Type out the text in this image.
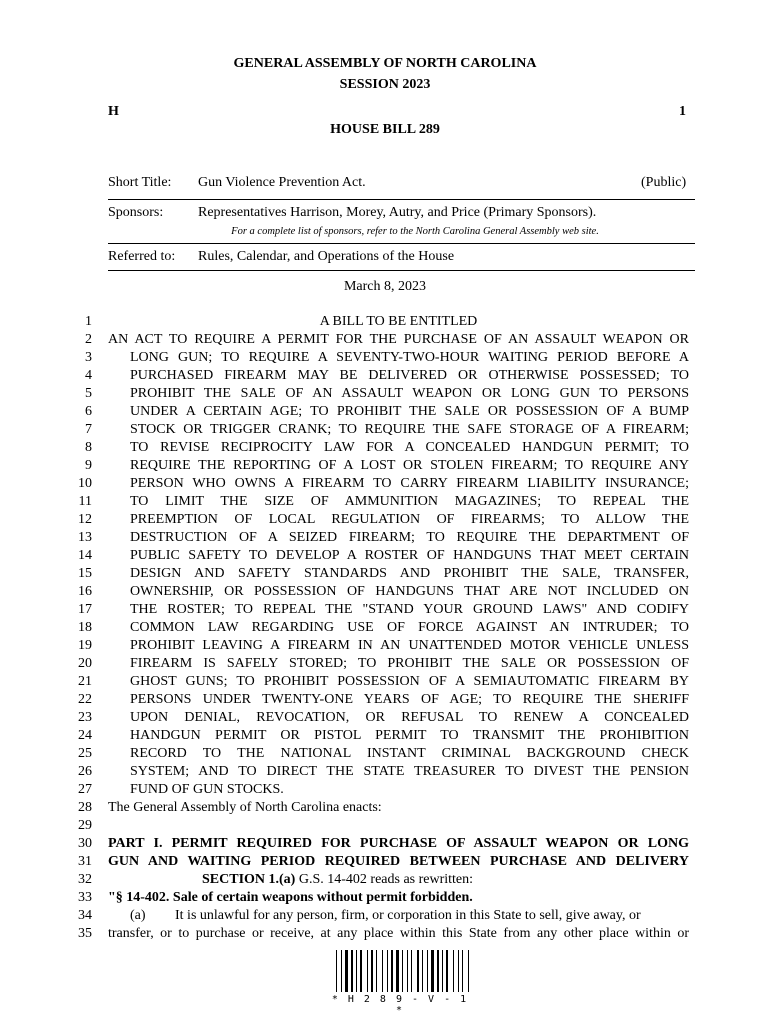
GENERAL ASSEMBLY OF NORTH CAROLINA
SESSION 2023
H	1
HOUSE BILL 289
Short Title: Gun Violence Prevention Act.	(Public)
Sponsors: Representatives Harrison, Morey, Autry, and Price (Primary Sponsors).
For a complete list of sponsors, refer to the North Carolina General Assembly web site.
Referred to: Rules, Calendar, and Operations of the House
March 8, 2023
1	A BILL TO BE ENTITLED
2 AN ACT TO REQUIRE A PERMIT FOR THE PURCHASE OF AN ASSAULT WEAPON OR
3	LONG GUN; TO REQUIRE A SEVENTY-TWO-HOUR WAITING PERIOD BEFORE A
4	PURCHASED FIREARM MAY BE DELIVERED OR OTHERWISE POSSESSED; TO
5	PROHIBIT THE SALE OF AN ASSAULT WEAPON OR LONG GUN TO PERSONS
6	UNDER A CERTAIN AGE; TO PROHIBIT THE SALE OR POSSESSION OF A BUMP
7	STOCK OR TRIGGER CRANK; TO REQUIRE THE SAFE STORAGE OF A FIREARM;
8	TO REVISE RECIPROCITY LAW FOR A CONCEALED HANDGUN PERMIT; TO
9	REQUIRE THE REPORTING OF A LOST OR STOLEN FIREARM; TO REQUIRE ANY
10	PERSON WHO OWNS A FIREARM TO CARRY FIREARM LIABILITY INSURANCE;
11	TO LIMIT THE SIZE OF AMMUNITION MAGAZINES; TO REPEAL THE
12	PREEMPTION OF LOCAL REGULATION OF FIREARMS; TO ALLOW THE
13	DESTRUCTION OF A SEIZED FIREARM; TO REQUIRE THE DEPARTMENT OF
14	PUBLIC SAFETY TO DEVELOP A ROSTER OF HANDGUNS THAT MEET CERTAIN
15	DESIGN AND SAFETY STANDARDS AND PROHIBIT THE SALE, TRANSFER,
16	OWNERSHIP, OR POSSESSION OF HANDGUNS THAT ARE NOT INCLUDED ON
17	THE ROSTER; TO REPEAL THE "STAND YOUR GROUND LAWS" AND CODIFY
18	COMMON LAW REGARDING USE OF FORCE AGAINST AN INTRUDER; TO
19	PROHIBIT LEAVING A FIREARM IN AN UNATTENDED MOTOR VEHICLE UNLESS
20	FIREARM IS SAFELY STORED; TO PROHIBIT THE SALE OR POSSESSION OF
21	GHOST GUNS; TO PROHIBIT POSSESSION OF A SEMIAUTOMATIC FIREARM BY
22	PERSONS UNDER TWENTY-ONE YEARS OF AGE; TO REQUIRE THE SHERIFF
23	UPON DENIAL, REVOCATION, OR REFUSAL TO RENEW A CONCEALED
24	HANDGUN PERMIT OR PISTOL PERMIT TO TRANSMIT THE PROHIBITION
25	RECORD TO THE NATIONAL INSTANT CRIMINAL BACKGROUND CHECK
26	SYSTEM; AND TO DIRECT THE STATE TREASURER TO DIVEST THE PENSION
27	FUND OF GUN STOCKS.
28 The General Assembly of North Carolina enacts:
29
30 PART I. PERMIT REQUIRED FOR PURCHASE OF ASSAULT WEAPON OR LONG
31 GUN AND WAITING PERIOD REQUIRED BETWEEN PURCHASE AND DELIVERY
32	SECTION 1.(a) G.S. 14-402 reads as rewritten:
33 "§ 14-402. Sale of certain weapons without permit forbidden.
34	(a) It is unlawful for any person, firm, or corporation in this State to sell, give away, or
35 transfer, or to purchase or receive, at any place within this State from any other place within or
* H 2 8 9 - V - 1 *
